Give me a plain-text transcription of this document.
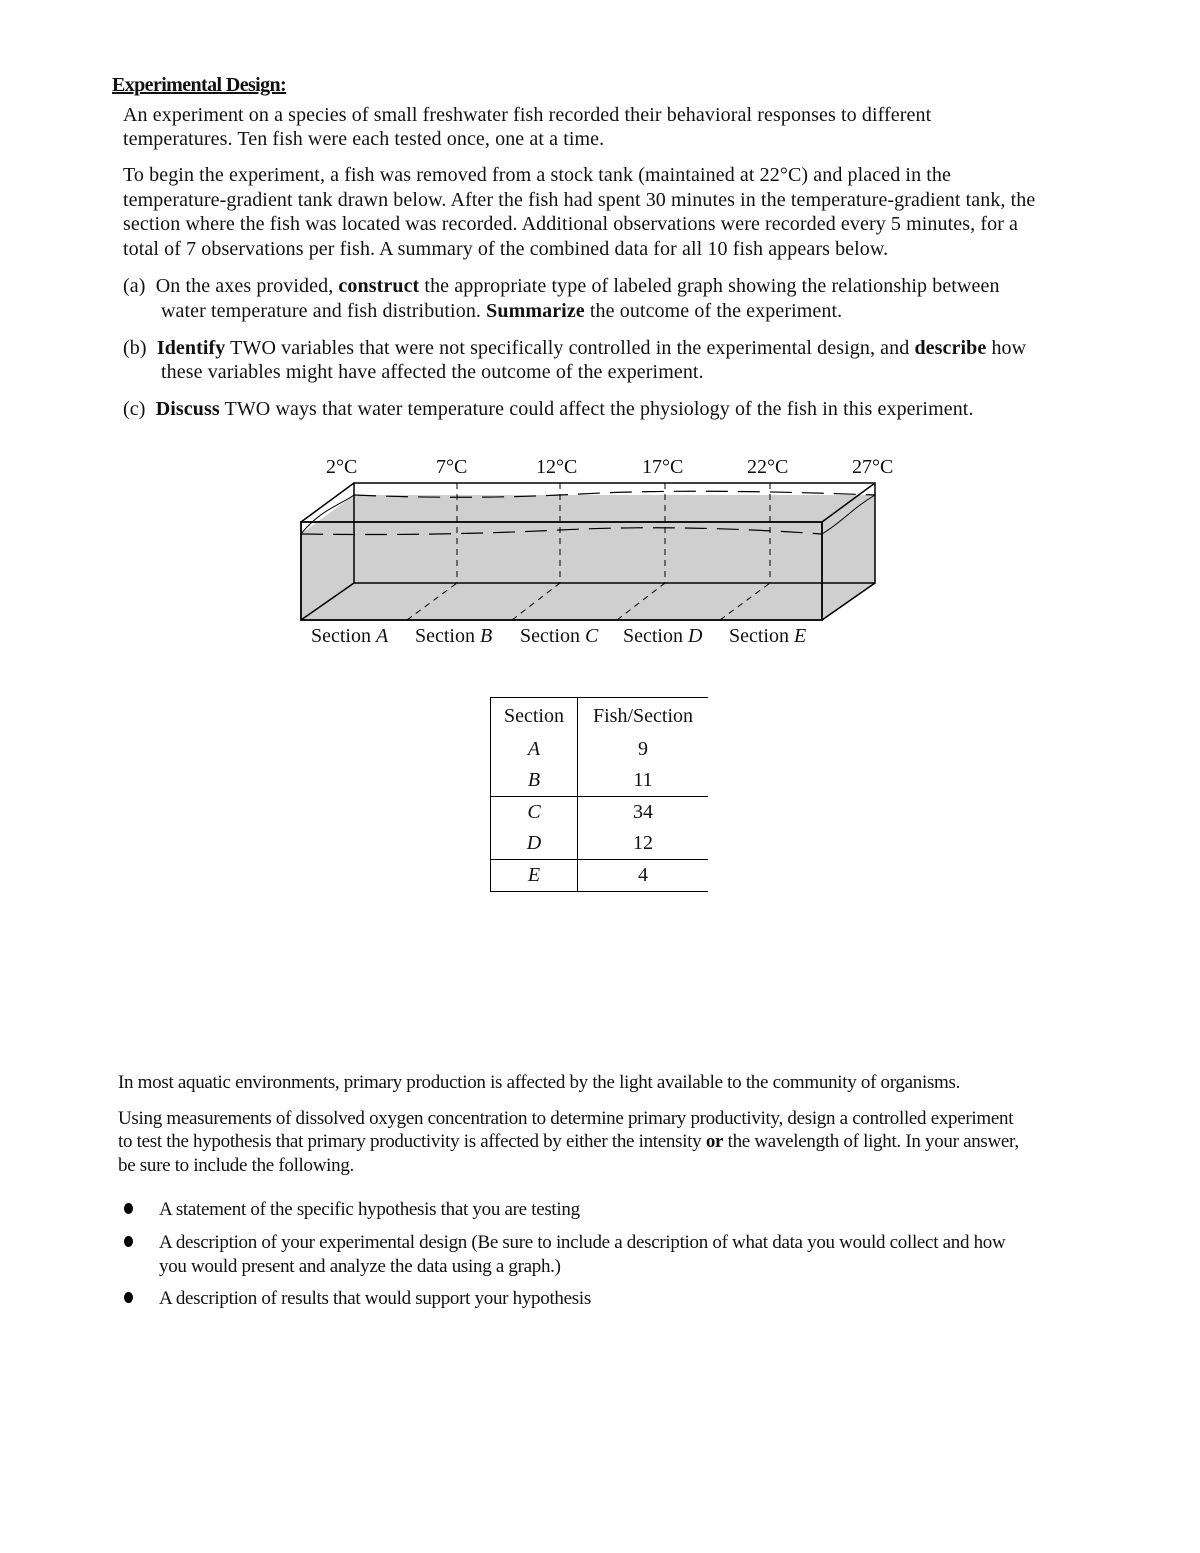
Experimental Design:
An experiment on a species of small freshwater fish recorded their behavioral responses to different
temperatures. Ten fish were each tested once, one at a time.
To begin the experiment, a fish was removed from a stock tank (maintained at 22°C) and placed in the
temperature-gradient tank drawn below. After the fish had spent 30 minutes in the temperature-gradient tank, the
section where the fish was located was recorded. Additional observations were recorded every 5 minutes, for a
total of 7 observations per fish. A summary of the combined data for all 10 fish appears below.
(a) On the axes provided, construct the appropriate type of labeled graph showing the relationship between
water temperature and fish distribution. Summarize the outcome of the experiment.
(b) Identify TWO variables that were not specifically controlled in the experimental design, and describe how
these variables might have affected the outcome of the experiment.
(c) Discuss TWO ways that water temperature could affect the physiology of the fish in this experiment.
2°C	7°C	12°C	17°C	22°C	27°C
Section A Section B Section C Section D Section E
Section	Fish/Section
A	9
B	11
C	34
D	12
E	4
In most aquatic environments, primary production is affected by the light available to the community of organisms.
Using measurements of dissolved oxygen concentration to determine primary productivity, design a controlled experiment
to test the hypothesis that primary productivity is affected by either the intensity or the wavelength of light. In your answer,
be sure to include the following.
A statement of the specific hypothesis that you are testing
A description of your experimental design (Be sure to include a description of what data you would collect and how
you would present and analyze the data using a graph.)
A description of results that would support your hypothesis
